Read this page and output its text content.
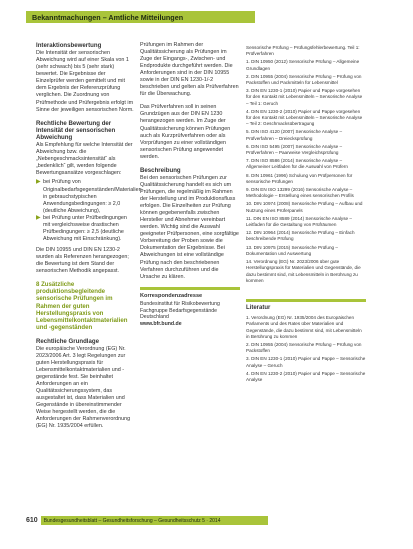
Bekanntmachungen – Amtliche Mitteilungen
Interaktionsbewertung
Die Intensität der sensorischen Abweichung wird auf einer Skala von 1 (sehr schwach) bis 5 (sehr stark) bewertet. Die Ergebnisse der Einzelprüfer werden gemittelt und mit dem Ergebnis der Referenzprüfung verglichen. Die Zuordnung von Prüfmethode und Prüfergebnis erfolgt im Sinne der jeweiligen sensorischen Norm.
Rechtliche Bewertung der Intensität der sensorischen Abweichung
Als Empfehlung für welche Intensität der Abweichung bzw. die „Nebengeschmacksintensität“ als „bedenklich“ gilt, werden folgende Bewertungsansätze vorgeschlagen:
▶ bei Prüfung von Originalbedarfsgegenständen/Materialien in gebrauchstypischen Anwendungsbedingungen: ≥ 2,0 (deutliche Abweichung),
▶ bei Prüfung unter Prüfbedingungen mit vergleichsweise drastischen Prüfbedingungen: ≥ 2,5 (deutliche Abweichung mit Einschränkung).
Die DIN 10955 und DIN EN 1230-2 wurden als Referenzen herangezogen; die Bewertung ist dem Stand der sensorischen Methodik angepasst.
8 Zusätzliche produktionsbegleitende sensorische Prüfungen im Rahmen der guten Herstellungspraxis von Lebensmittelkontaktmaterialien und -gegenständen
Rechtliche Grundlage
Die europäische Verordnung (EG) Nr. 2023/2006 Art. 3 legt Regelungen zur guten Herstellungspraxis für Lebensmittelkontaktmaterialien und -gegenstände fest. Sie beinhaltet Anforderungen an ein Qualitätssicherungssystem, das ausgestaltet ist, dass Materialien und Gegenstände in übereinstimmender Weise hergestellt werden, die die Anforderungen der Rahmenverordnung (EG) Nr. 1935/2004 erfüllen.
Prüfungen im Rahmen der Qualitätssicherung als Prüfungen im Zuge der Eingangs-, Zwischen- und Endprodukte durchgeführt werden. Die Anforderungen sind in der DIN 10955 sowie in der DIN EN 1230-1/-2 beschrieben und gelten als Prüfverfahren für die Überwachung.
Das Prüfverfahren soll in seinen Grundzügen aus der DIN EN 1230 herangezogen werden. Im Zuge der Qualitätssicherung können Prüfungen auch als Kurzprüfverfahren oder als Vorprüfungen zu einer vollständigen sensorischen Prüfung angewendet werden.
Beschreibung
Bei den sensorischen Prüfungen zur Qualitätssicherung handelt es sich um Prüfungen, die regelmäßig im Rahmen der Herstellung und im Produktionsfluss erfolgen. Die Einzelheiten zur Prüfung können gegebenenfalls zwischen Hersteller und Abnehmer vereinbart werden. Wichtig sind die Auswahl geeigneter Prüfpersonen, eine sorgfältige Vorbereitung der Proben sowie die Dokumentation der Ergebnisse. Bei Abweichungen ist eine vollständige Prüfung nach den beschriebenen Verfahren durchzuführen und die Ursache zu klären.
Korrespondenzadresse
Bundesinstitut für Risikobewertung
Fachgruppe Bedarfsgegenstände
Deutschland
www.bfr.bund.de
Sensorische Prüfung – Prüfungsfehlerbewertung. Teil 1: Prüfverfahren
1. DIN 10950 (2012) Sensorische Prüfung – Allgemeine Grundlagen
2. DIN 10955 (2004) Sensorische Prüfung – Prüfung von Packstoffen und Packmitteln für Lebensmittel
3. DIN EN 1230-1 (2010) Papier und Pappe vorgesehen für den Kontakt mit Lebensmitteln – Sensorische Analyse – Teil 1: Geruch
4. DIN EN 1230-2 (2010) Papier und Pappe vorgesehen für den Kontakt mit Lebensmitteln – Sensorische Analyse – Teil 2: Geschmacksübertragung
5. DIN ISO 4120 (2007) Sensorische Analyse – Prüfverfahren – Dreiecksprüfung
6. DIN ISO 5495 (2007) Sensorische Analyse – Prüfverfahren – Paarweise Vergleichsprüfung
7. DIN ISO 8586 (2014) Sensorische Analyse – Allgemeiner Leitfaden für die Auswahl von Prüfern
8. DIN 10961 (1996) Schulung von Prüfpersonen für sensorische Prüfungen
9. DIN EN ISO 13299 (2016) Sensorische Analyse – Methodologie – Erstellung eines sensorischen Profils
10. DIN 10974 (2008) Sensorische Prüfung – Aufbau und Nutzung eines Prüferpanels
11. DIN EN ISO 8589 (2014) Sensorische Analyse – Leitfaden für die Gestaltung von Prüfräumen
12. DIN 10964 (2014) Sensorische Prüfung – Einfach beschreibende Prüfung
13. DIN 10975 (2015) Sensorische Prüfung – Dokumentation und Auswertung
14. Verordnung (EG) Nr. 2023/2006 über gute Herstellungspraxis für Materialien und Gegenstände, die dazu bestimmt sind, mit Lebensmitteln in Berührung zu kommen
Literatur
1. Verordnung (EG) Nr. 1935/2004 des Europäischen Parlaments und des Rates über Materialien und Gegenstände, die dazu bestimmt sind, mit Lebensmitteln in Berührung zu kommen
2. DIN 10955 (2004) Sensorische Prüfung – Prüfung von Packstoffen
3. DIN EN 1230-1 (2010) Papier und Pappe – Sensorische Analyse – Geruch
4. DIN EN 1230-2 (2010) Papier und Pappe – Sensorische Analyse
610 Bundesgesundheitsblatt – Gesundheitsforschung – Gesundheitsschutz 5 · 2014
